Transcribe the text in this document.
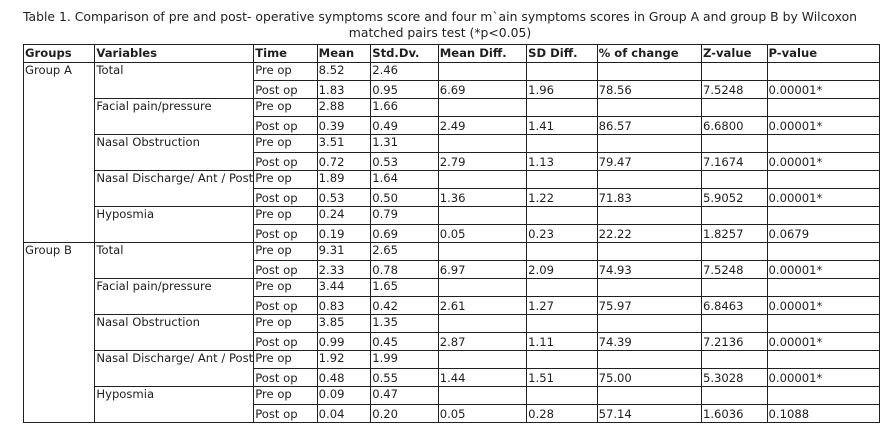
Table 1. Comparison of pre and post- operative symptoms score and four m`ain symptoms scores in Group A and group B by Wilcoxon
matched pairs test (*p<0.05)
Groups	Variables	Time	Mean	Std.Dv.	Mean Diff.	SD Diff.	% of change	Z-value	P-value
Group A	Total	Pre op	8.52	2.46					
		Post op	1.83	0.95	6.69	1.96	78.56	7.5248	0.00001*
	Facial pain/pressure	Pre op	2.88	1.66					
		Post op	0.39	0.49	2.49	1.41	86.57	6.6800	0.00001*
	Nasal Obstruction	Pre op	3.51	1.31					
		Post op	0.72	0.53	2.79	1.13	79.47	7.1674	0.00001*
	Nasal Discharge/ Ant / Post	Pre op	1.89	1.64					
		Post op	0.53	0.50	1.36	1.22	71.83	5.9052	0.00001*
	Hyposmia	Pre op	0.24	0.79					
		Post op	0.19	0.69	0.05	0.23	22.22	1.8257	0.0679
Group B	Total	Pre op	9.31	2.65					
		Post op	2.33	0.78	6.97	2.09	74.93	7.5248	0.00001*
	Facial pain/pressure	Pre op	3.44	1.65					
		Post op	0.83	0.42	2.61	1.27	75.97	6.8463	0.00001*
	Nasal Obstruction	Pre op	3.85	1.35					
		Post op	0.99	0.45	2.87	1.11	74.39	7.2136	0.00001*
	Nasal Discharge/ Ant / Post	Pre op	1.92	1.99					
		Post op	0.48	0.55	1.44	1.51	75.00	5.3028	0.00001*
	Hyposmia	Pre op	0.09	0.47					
		Post op	0.04	0.20	0.05	0.28	57.14	1.6036	0.1088
